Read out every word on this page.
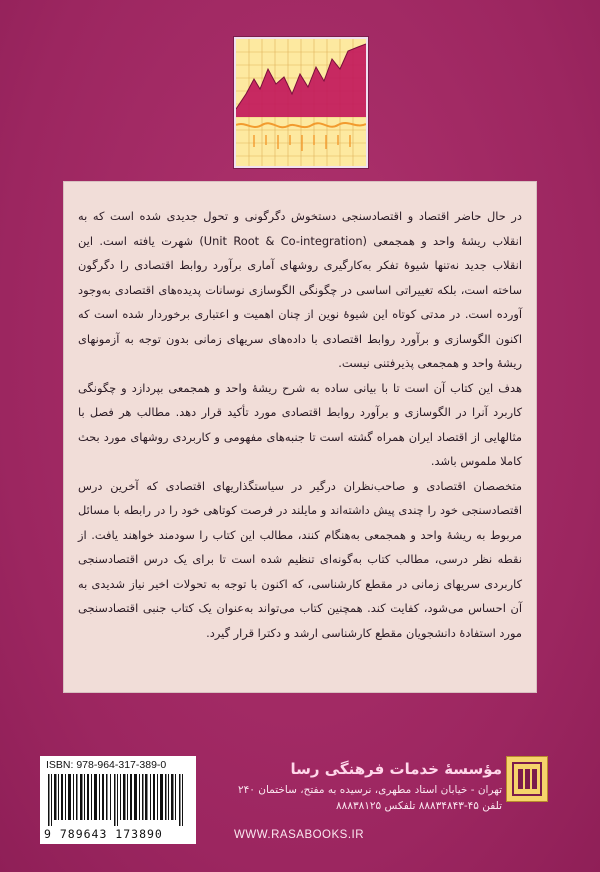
در حال حاضر اقتصاد و اقتصادسنجی دستخوش دگرگونی و تحول جدیدی شده است که به انقلاب ریشهٔ واحد و همجمعی (Unit Root & Co-integration) شهرت یافته است. این انقلاب جدید نه‌تنها شیوهٔ تفکر به‌کارگیری روشهای آماری برآورد روابط اقتصادی را دگرگون ساخته است، بلکه تغییراتی اساسی در چگونگی الگوسازی نوسانات پدیده‌های اقتصادی به‌وجود آورده است. در مدتی کوتاه این شیوهٔ نوین از چنان اهمیت و اعتباری برخوردار شده است که اکنون الگوسازی و برآورد روابط اقتصادی با داده‌های سریهای زمانی بدون توجه به آزمونهای ریشهٔ واحد و همجمعی پذیرفتنی نیست.

هدف این کتاب آن است تا با بیانی ساده به شرح ریشهٔ واحد و همجمعی بپردازد و چگونگی کاربرد آنرا در الگوسازی و برآورد روابط اقتصادی مورد تأکید قرار دهد. مطالب هر فصل با مثالهایی از اقتصاد ایران همراه گشته است تا جنبه‌های مفهومی و کاربردی روشهای مورد بحث کاملا ملموس باشد.

متخصصان اقتصادی و صاحب‌نظران درگیر در سیاستگذاریهای اقتصادی که آخرین درس اقتصادسنجی خود را چندی پیش داشته‌اند و مایلند در فرصت کوتاهی خود را در رابطه با مسائل مربوط به ریشهٔ واحد و همجمعی به‌هنگام کنند، مطالب این کتاب را سودمند خواهند یافت. از نقطه نظر درسی، مطالب کتاب به‌گونه‌ای تنظیم شده است تا برای یک درس اقتصادسنجی کاربردی سریهای زمانی در مقطع کارشناسی، که اکنون با توجه به تحولات اخیر نیاز شدیدی به آن احساس می‌شود، کفایت کند. همچنین کتاب می‌تواند به‌عنوان یک کتاب جنبی اقتصادسنجی مورد استفادهٔ دانشجویان مقطع کارشناسی ارشد و دکترا قرار گیرد.

ISBN: 978-964-317-389-0
9 789643 173890

مؤسسهٔ خدمات فرهنگی رسا

تهران - خیابان استاد مطهری، نرسیده به مفتح، ساختمان ۲۴۰

تلفن ۴۵-۸۸۸۳۴۸۴۳ تلفکس ۸۸۸۳۸۱۲۵

WWW.RASABOOKS.IR
